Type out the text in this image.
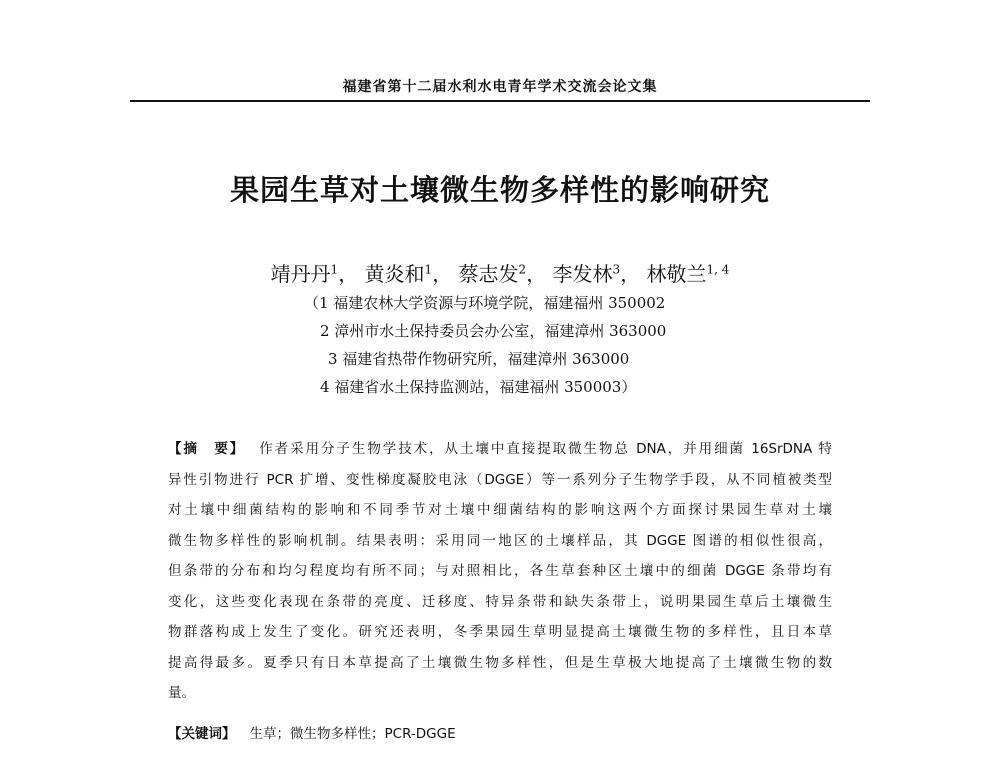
福建省第十二届水利水电青年学术交流会论文集
果园生草对土壤微生物多样性的影响研究
靖丹丹$^1$， 黄炎和$^1$， 蔡志发$^2$， 李发林$^3$， 林敬兰$^{1, 4}$
（1 福建农林大学资源与环境学院，福建福州 350002
2 漳州市水土保持委员会办公室，福建漳州 363000
3 福建省热带作物研究所，福建漳州 363000
4 福建省水土保持监测站，福建福州 350003）
【摘　要】 作者采用分子生物学技术，从土壤中直接提取微生物总 DNA，并用细菌 16SrDNA 特
异性引物进行 PCR 扩增、变性梯度凝胶电泳（DGGE）等一系列分子生物学手段，从不同植被类型
对土壤中细菌结构的影响和不同季节对土壤中细菌结构的影响这两个方面探讨果园生草对土壤
微生物多样性的影响机制。结果表明：采用同一地区的土壤样品，其 DGGE 图谱的相似性很高，
但条带的分布和均匀程度均有所不同；与对照相比，各生草套种区土壤中的细菌 DGGE 条带均有
变化，这些变化表现在条带的亮度、迁移度、特异条带和缺失条带上，说明果园生草后土壤微生
物群落构成上发生了变化。研究还表明，冬季果园生草明显提高土壤微生物的多样性，且日本草
提高得最多。夏季只有日本草提高了土壤微生物多样性，但是生草极大地提高了土壤微生物的数
量。
【关键词】 生草；微生物多样性；PCR-DGGE
